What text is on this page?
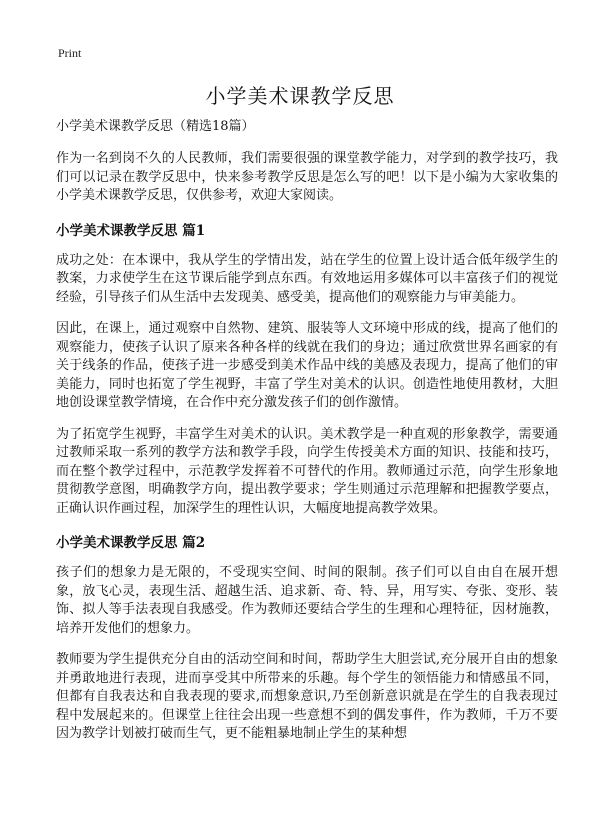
Print
小学美术课教学反思
小学美术课教学反思（精选18篇）

作为一名到岗不久的人民教师，我们需要很强的课堂教学能力，对学到的教学技巧，我们可以记录在教学反思中，快来参考教学反思是怎么写的吧！以下是小编为大家收集的小学美术课教学反思，仅供参考，欢迎大家阅读。

小学美术课教学反思 篇1

成功之处：在本课中，我从学生的学情出发，站在学生的位置上设计适合低年级学生的教案，力求使学生在这节课后能学到点东西。有效地运用多媒体可以丰富孩子们的视觉经验，引导孩子们从生活中去发现美、感受美，提高他们的观察能力与审美能力。

因此，在课上，通过观察中自然物、建筑、服装等人文环境中形成的线，提高了他们的观察能力，使孩子认识了原来各种各样的线就在我们的身边；通过欣赏世界名画家的有关于线条的作品，使孩子进一步感受到美术作品中线的美感及表现力，提高了他们的审美能力，同时也拓宽了学生视野，丰富了学生对美术的认识。创造性地使用教材，大胆地创设课堂教学情境，在合作中充分激发孩子们的创作激情。

为了拓宽学生视野，丰富学生对美术的认识。美术教学是一种直观的形象教学，需要通过教师采取一系列的教学方法和教学手段，向学生传授美术方面的知识、技能和技巧，而在整个教学过程中，示范教学发挥着不可替代的作用。教师通过示范，向学生形象地贯彻教学意图，明确教学方向，提出教学要求；学生则通过示范理解和把握教学要点，正确认识作画过程，加深学生的理性认识，大幅度地提高教学效果。

小学美术课教学反思 篇2

孩子们的想象力是无限的，不受现实空间、时间的限制。孩子们可以自由自在展开想象，放飞心灵，表现生活、超越生活、追求新、奇、特、异，用写实、夸张、变形、装饰、拟人等手法表现自我感受。作为教师还要结合学生的生理和心理特征，因材施教，培养开发他们的想象力。

教师要为学生提供充分自由的活动空间和时间，帮助学生大胆尝试,充分展开自由的想象并勇敢地进行表现，进而享受其中所带来的乐趣。每个学生的领悟能力和情感虽不同，但都有自我表达和自我表现的要求,而想象意识,乃至创新意识就是在学生的自我表现过程中发展起来的。但课堂上往往会出现一些意想不到的偶发事件，作为教师，千万不要因为教学计划被打破而生气，更不能粗暴地制止学生的某种想
